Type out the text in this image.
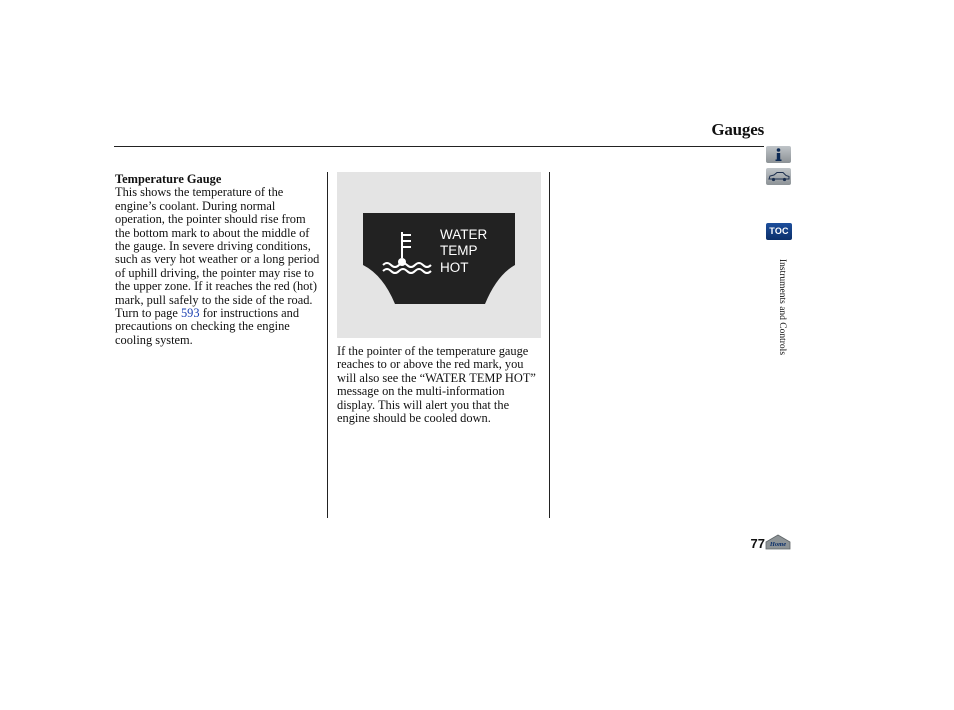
Gauges
Temperature Gauge
This shows the temperature of the engine’s coolant. During normal operation, the pointer should rise from the bottom mark to about the middle of the gauge. In severe driving conditions, such as very hot weather or a long period of uphill driving, the pointer may rise to the upper zone. If it reaches the red (hot) mark, pull safely to the side of the road. Turn to page 593 for instructions and precautions on checking the engine cooling system.
WATER
TEMP
HOT
If the pointer of the temperature gauge reaches to or above the red mark, you will also see the “WATER TEMP HOT” message on the multi-information display. This will alert you that the engine should be cooled down.
TOC
Instruments and Controls
77 Home
